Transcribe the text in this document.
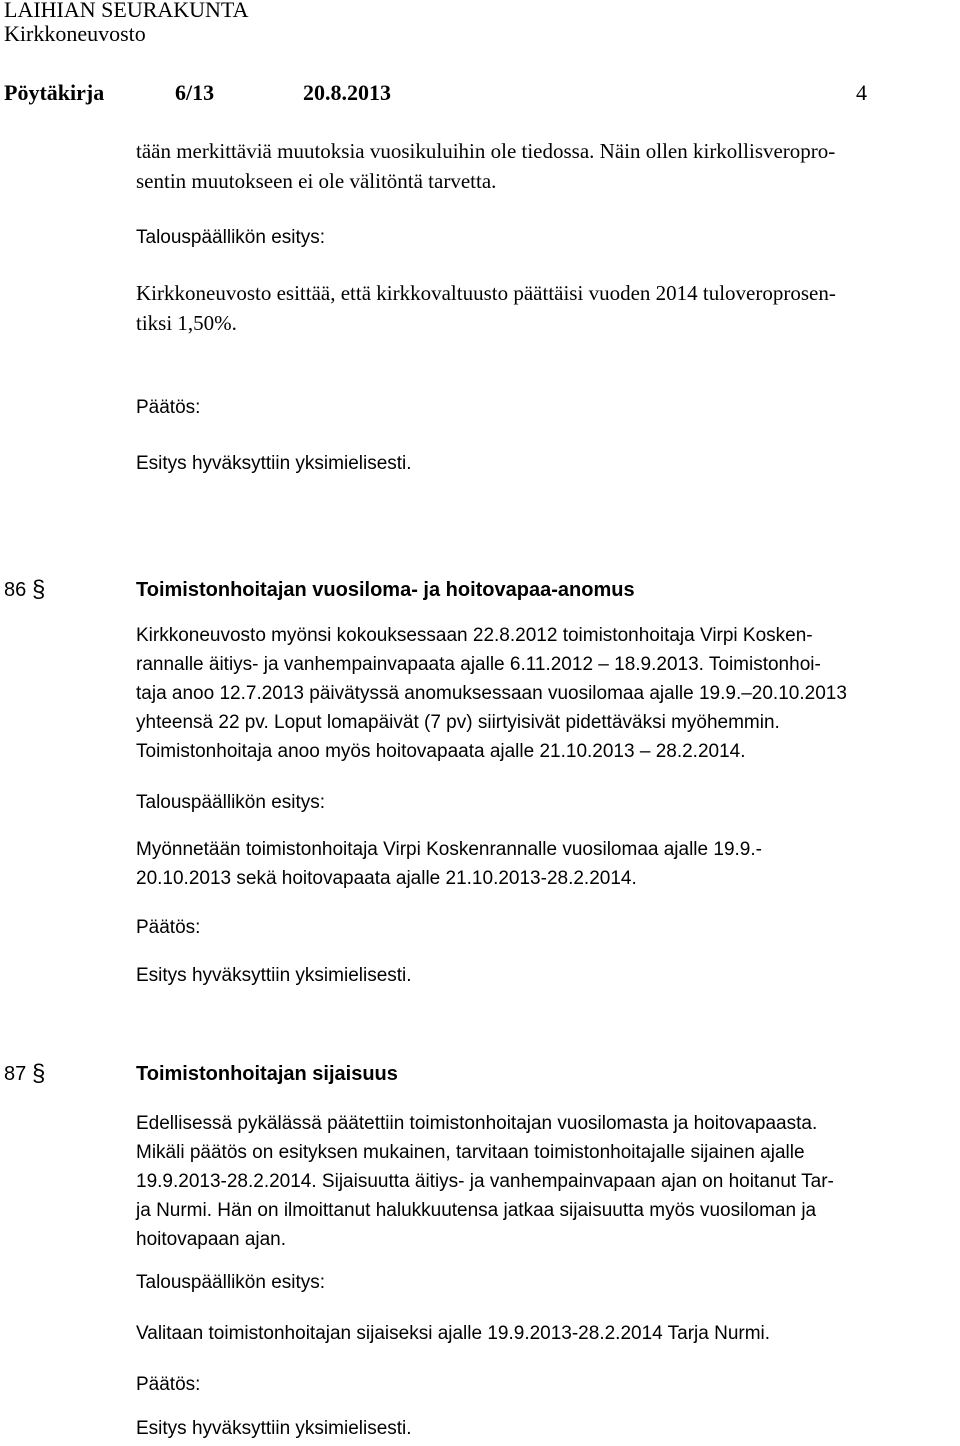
LAIHIAN SEURAKUNTA
Kirkkoneuvosto
Pöytäkirja	6/13	20.8.2013	4
tään merkittäviä muutoksia vuosikuluihin ole tiedossa. Näin ollen kirkollisveropro-
sentin muutokseen ei ole välitöntä tarvetta.
Talouspäällikön esitys:
Kirkkoneuvosto esittää, että kirkkovaltuusto päättäisi vuoden 2014 tuloveroprosen-
tiksi 1,50%.
Päätös:
Esitys hyväksyttiin yksimielisesti.
86 §	Toimistonhoitajan vuosiloma- ja hoitovapaa-anomus
Kirkkoneuvosto myönsi kokouksessaan 22.8.2012 toimistonhoitaja Virpi Kosken-
rannalle äitiys- ja vanhempainvapaata ajalle 6.11.2012 – 18.9.2013. Toimistonhoi-
taja anoo 12.7.2013 päivätyssä anomuksessaan vuosilomaa ajalle 19.9.–20.10.2013
yhteensä 22 pv. Loput lomapäivät (7 pv) siirtyisivät pidettäväksi myöhemmin.
Toimistonhoitaja anoo myös hoitovapaata ajalle 21.10.2013 – 28.2.2014.
Talouspäällikön esitys:
Myönnetään toimistonhoitaja Virpi Koskenrannalle vuosilomaa ajalle 19.9.-
20.10.2013 sekä hoitovapaata ajalle 21.10.2013-28.2.2014.
Päätös:
Esitys hyväksyttiin yksimielisesti.
87 §	Toimistonhoitajan sijaisuus
Edellisessä pykälässä päätettiin toimistonhoitajan vuosilomasta ja hoitovapaasta.
Mikäli päätös on esityksen mukainen, tarvitaan toimistonhoitajalle sijainen ajalle
19.9.2013-28.2.2014. Sijaisuutta äitiys- ja vanhempainvapaan ajan on hoitanut Tar-
ja Nurmi. Hän on ilmoittanut halukkuutensa jatkaa sijaisuutta myös vuosiloman ja
hoitovapaan ajan.
Talouspäällikön esitys:
Valitaan toimistonhoitajan sijaiseksi ajalle 19.9.2013-28.2.2014 Tarja Nurmi.
Päätös:
Esitys hyväksyttiin yksimielisesti.
